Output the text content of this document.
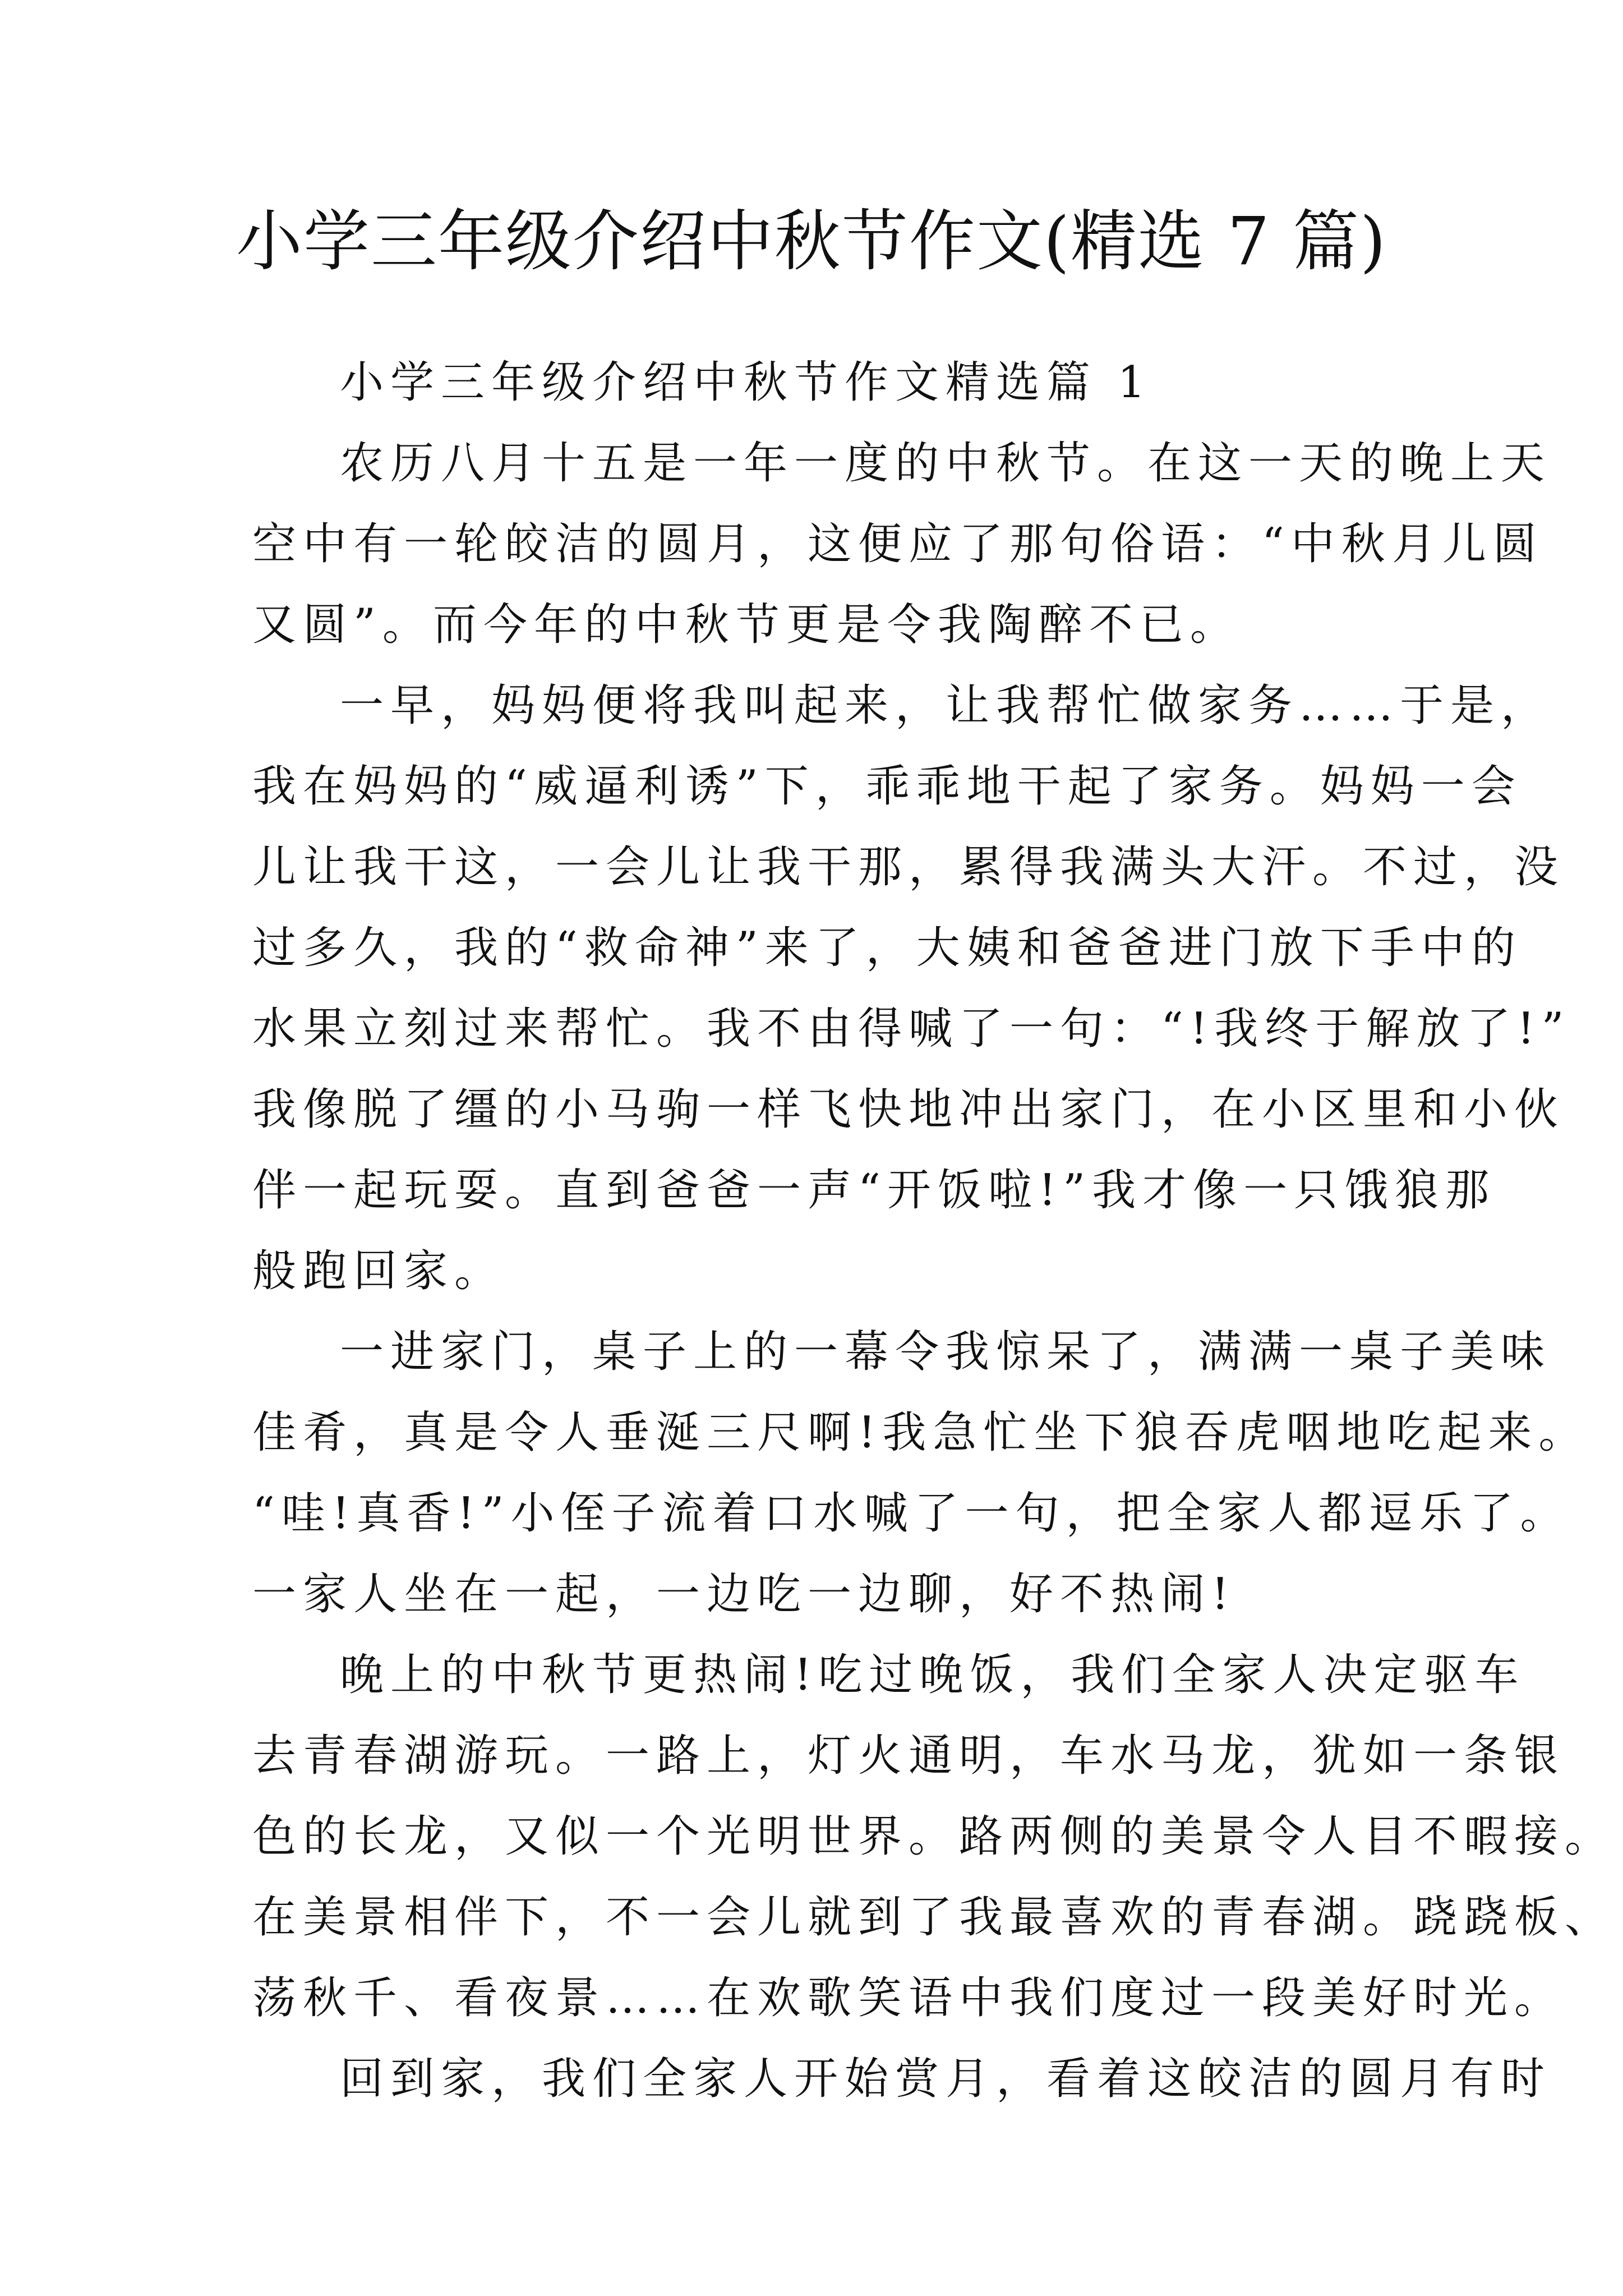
小学三年级介绍中秋节作文(精选 7 篇)
小学三年级介绍中秋节作文精选篇 1
农历八月十五是一年一度的中秋节。在这一天的晚上天
空中有一轮皎洁的圆月，这便应了那句俗语：“中秋月儿圆
又圆”。而今年的中秋节更是令我陶醉不已。
一早，妈妈便将我叫起来，让我帮忙做家务……于是，
我在妈妈的“威逼利诱”下，乖乖地干起了家务。妈妈一会
儿让我干这，一会儿让我干那，累得我满头大汗。不过，没
过多久，我的“救命神”来了，大姨和爸爸进门放下手中的
水果立刻过来帮忙。我不由得喊了一句：“!我终于解放了!”
我像脱了缰的小马驹一样飞快地冲出家门，在小区里和小伙
伴一起玩耍。直到爸爸一声“开饭啦!”我才像一只饿狼那
般跑回家。
一进家门，桌子上的一幕令我惊呆了，满满一桌子美味
佳肴，真是令人垂涎三尺啊!我急忙坐下狼吞虎咽地吃起来。
“哇!真香!”小侄子流着口水喊了一句，把全家人都逗乐了。
一家人坐在一起，一边吃一边聊，好不热闹!
晚上的中秋节更热闹!吃过晚饭，我们全家人决定驱车
去青春湖游玩。一路上，灯火通明，车水马龙，犹如一条银
色的长龙，又似一个光明世界。路两侧的美景令人目不暇接。
在美景相伴下，不一会儿就到了我最喜欢的青春湖。跷跷板、
荡秋千、看夜景……在欢歌笑语中我们度过一段美好时光。
回到家，我们全家人开始赏月，看着这皎洁的圆月有时
